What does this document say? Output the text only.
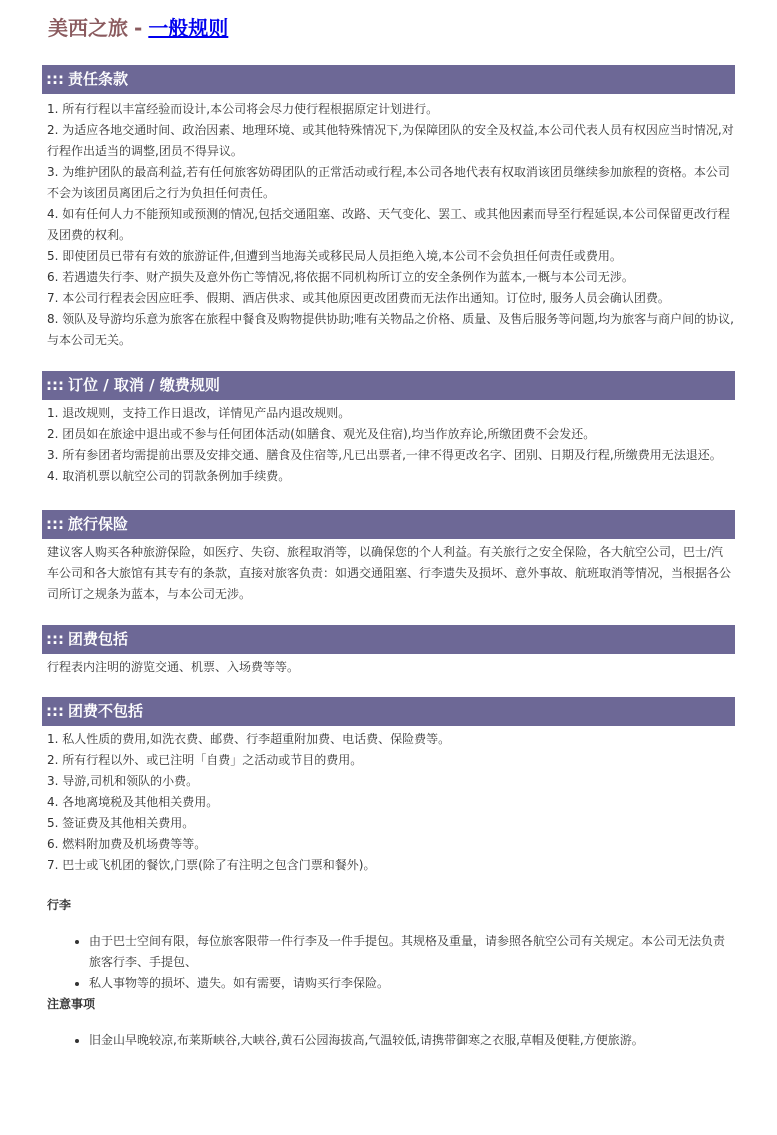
美西之旅 - 一般规则
::: 责任条款
1. 所有行程以丰富经验而设计,本公司将会尽力使行程根据原定计划进行。
2. 为适应各地交通时间、政治因素、地理环境、或其他特殊情况下,为保障团队的安全及权益,本公司代表人员有权因应当时情况,对行程作出适当的调整,团员不得异议。
3. 为维护团队的最高利益,若有任何旅客妨碍团队的正常活动或行程,本公司各地代表有权取消该团员继续参加旅程的资格。本公司不会为该团员离团后之行为负担任何责任。
4. 如有任何人力不能预知或预测的情况,包括交通阻塞、改路、天气变化、罢工、或其他因素而导至行程延误,本公司保留更改行程及团费的权利。
5. 即使团员已带有有效的旅游证件,但遭到当地海关或移民局人员拒绝入境,本公司不会负担任何责任或费用。
6. 若遇遗失行李、财产损失及意外伤亡等情况,将依据不同机构所订立的安全条例作为蓝本,一概与本公司无涉。
7. 本公司行程表会因应旺季、假期、酒店供求、或其他原因更改团费而无法作出通知。订位时, 服务人员会确认团费。
8. 领队及导游均乐意为旅客在旅程中餐食及购物提供协助;唯有关物品之价格、质量、及售后服务等问题,均为旅客与商户间的协议,与本公司无关。
::: 订位 / 取消 / 缴费规则
1. 退改规则，支持工作日退改，详情见产品内退改规则。
2. 团员如在旅途中退出或不参与任何团体活动(如膳食、观光及住宿),均当作放弃论,所缴团费不会发还。
3. 所有参团者均需提前出票及安排交通、膳食及住宿等,凡已出票者,一律不得更改名字、团别、日期及行程,所缴费用无法退还。
4. 取消机票以航空公司的罚款条例加手续费。
::: 旅行保险

建议客人购买各种旅游保险，如医疗、失窃、旅程取消等，以确保您的个人利益。有关旅行之安全保险，各大航空公司，巴士/汽车公司和各大旅馆有其专有的条款，直接对旅客负责：如遇交通阻塞、行李遗失及损坏、意外事故、航班取消等情况，当根据各公司所订之规条为蓝本，与本公司无涉。

::: 团费包括

行程表内注明的游览交通、机票、入场费等等。

::: 团费不包括
1. 私人性质的费用,如洗衣费、邮费、行李超重附加费、电话费、保险费等。
2. 所有行程以外、或已注明「自费」之活动或节目的费用。
3. 导游,司机和领队的小费。
4. 各地离境税及其他相关费用。
5. 签证费及其他相关费用。
6. 燃料附加费及机场费等等。
7. 巴士或飞机团的餐饮,门票(除了有注明之包含门票和餐外)。
行李
• 由于巴士空间有限，每位旅客限带一件行李及一件手提包。其规格及重量，请参照各航空公司有关规定。本公司无法负责旅客行李、手提包、
• 私人事物等的损坏、遗失。如有需要，请购买行李保险。
注意事项
• 旧金山早晚较凉,布莱斯峡谷,大峡谷,黄石公园海拔高,气温较低,请携带御寒之衣服,草帽及便鞋,方便旅游。
